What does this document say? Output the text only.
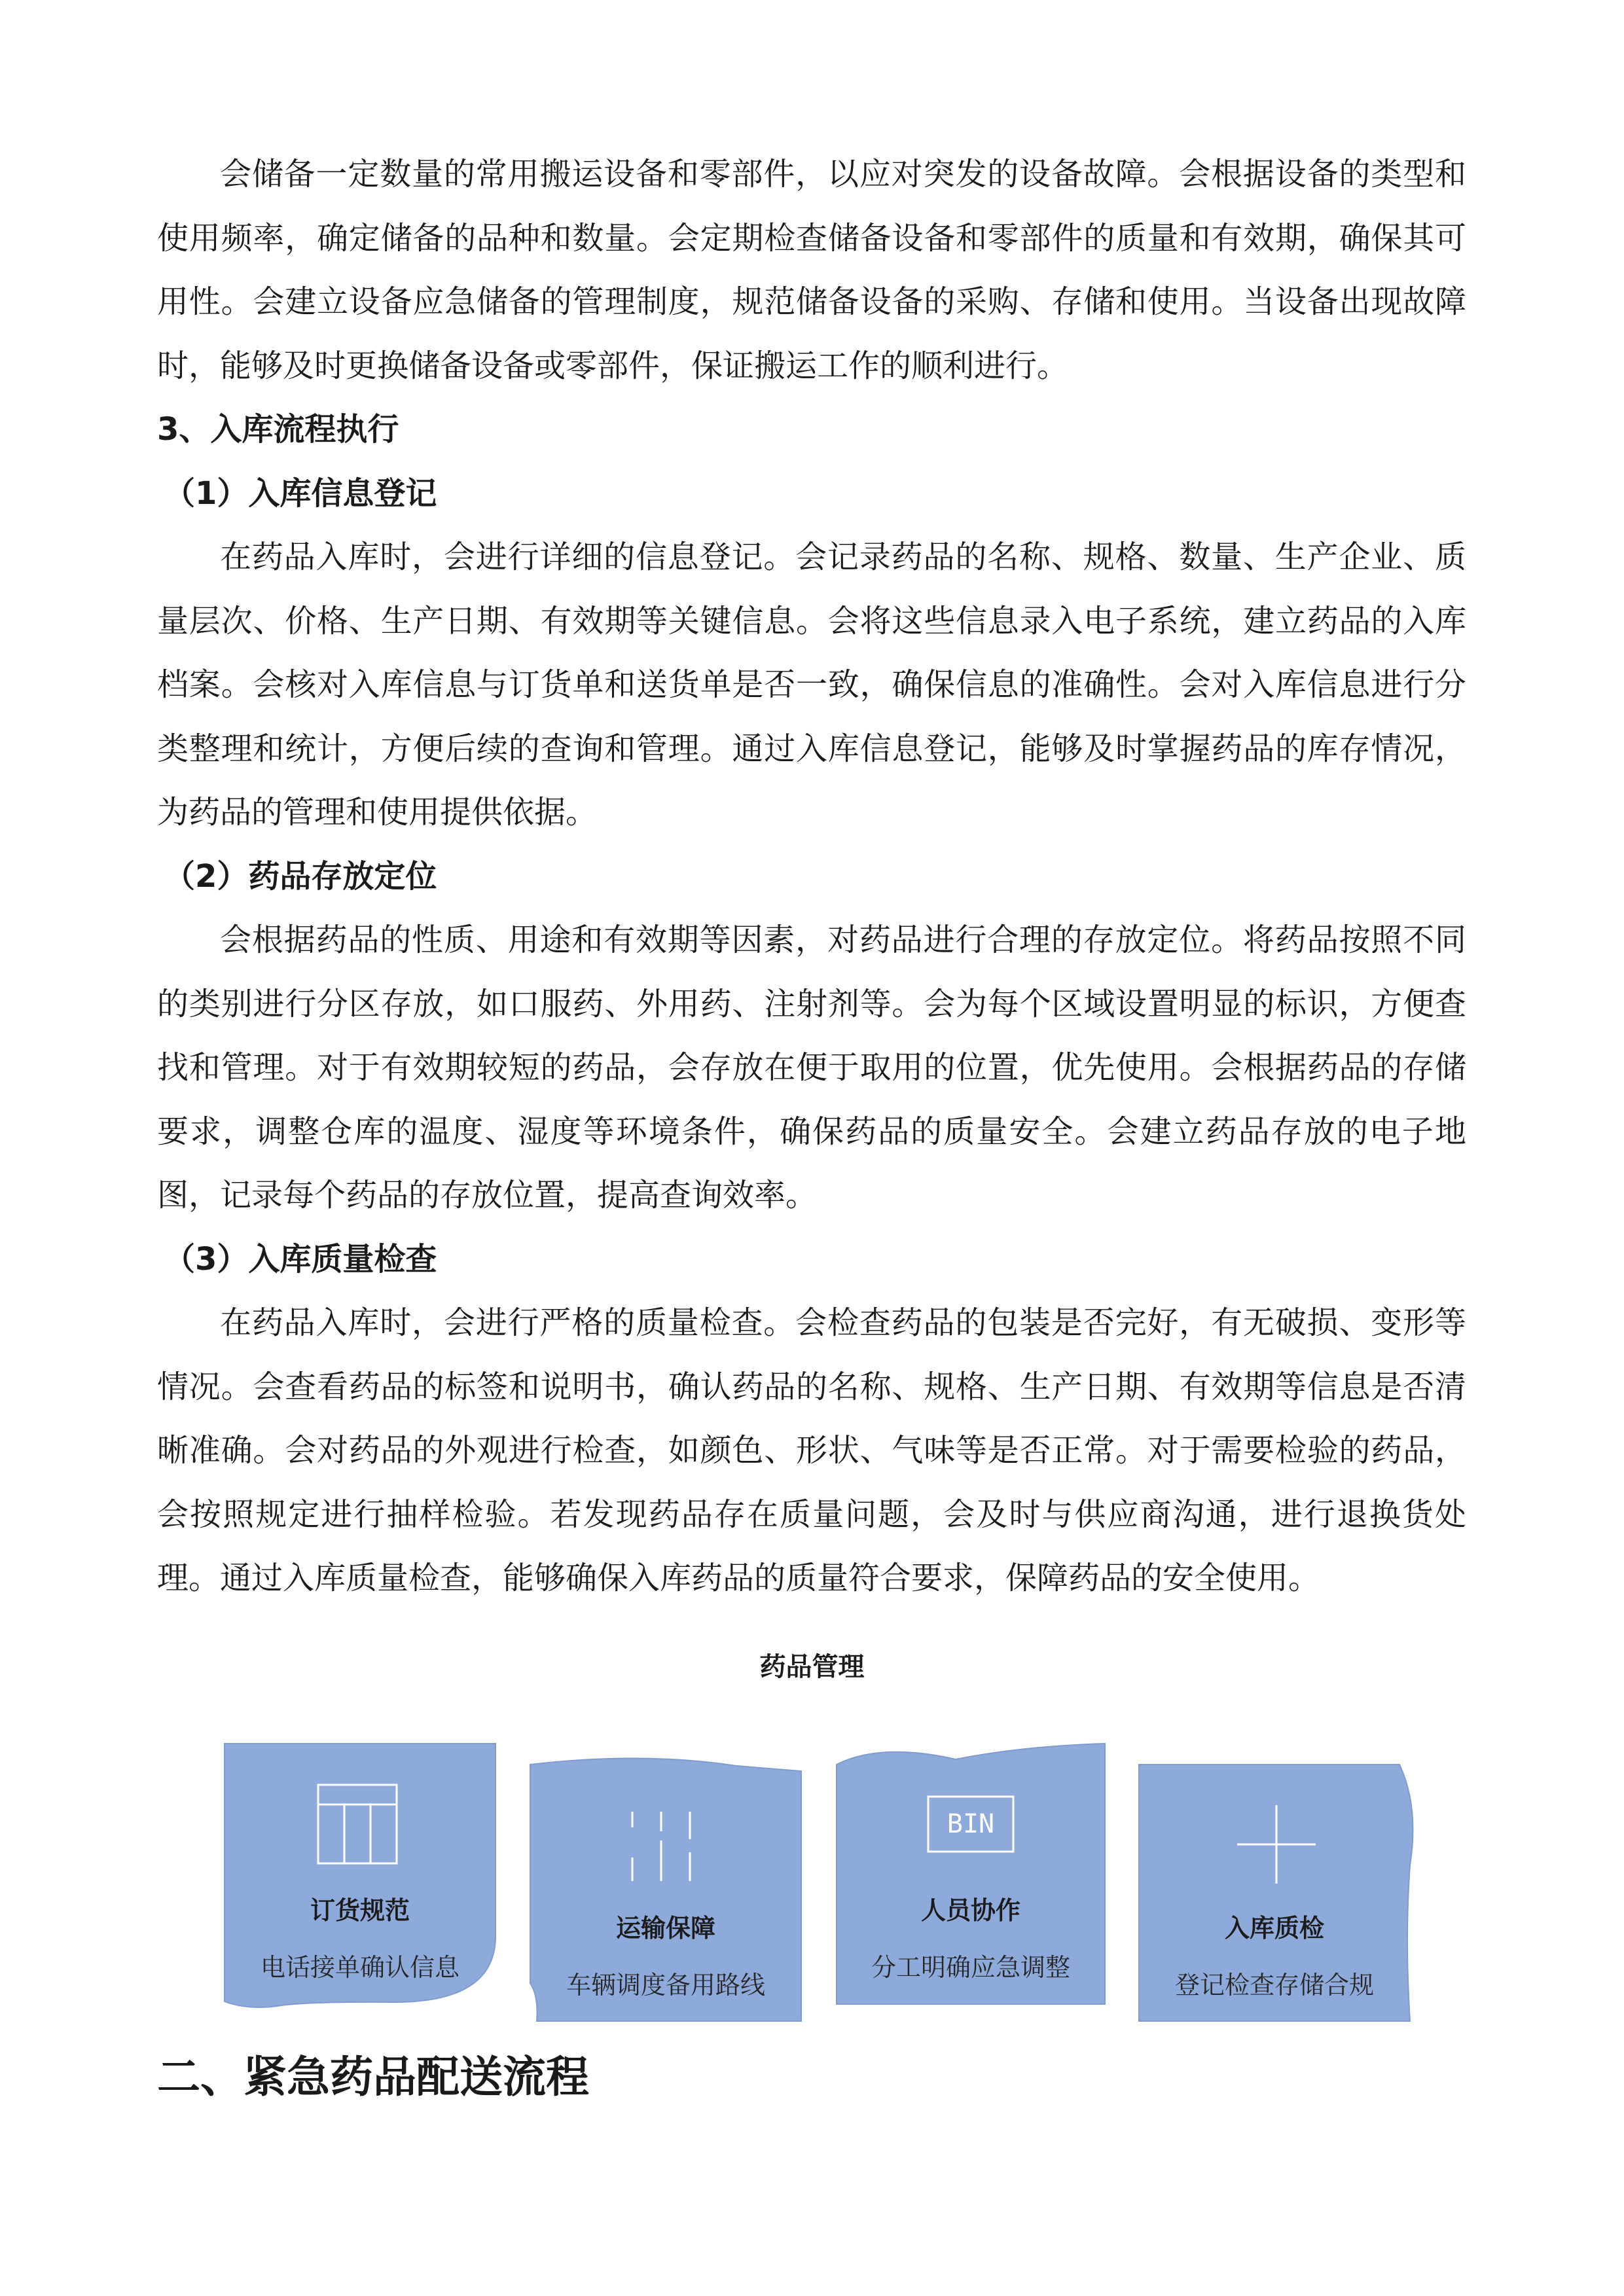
会储备一定数量的常用搬运设备和零部件，以应对突发的设备故障。会根据设备的类型和使用频率，确定储备的品种和数量。会定期检查储备设备和零部件的质量和有效期，确保其可用性。会建立设备应急储备的管理制度，规范储备设备的采购、存储和使用。当设备出现故障时，能够及时更换储备设备或零部件，保证搬运工作的顺利进行。

3、入库流程执行

（1）入库信息登记

在药品入库时，会进行详细的信息登记。会记录药品的名称、规格、数量、生产企业、质量层次、价格、生产日期、有效期等关键信息。会将这些信息录入电子系统，建立药品的入库档案。会核对入库信息与订货单和送货单是否一致，确保信息的准确性。会对入库信息进行分类整理和统计，方便后续的查询和管理。通过入库信息登记，能够及时掌握药品的库存情况，为药品的管理和使用提供依据。

（2）药品存放定位

会根据药品的性质、用途和有效期等因素，对药品进行合理的存放定位。将药品按照不同的类别进行分区存放，如口服药、外用药、注射剂等。会为每个区域设置明显的标识，方便查找和管理。对于有效期较短的药品，会存放在便于取用的位置，优先使用。会根据药品的存储要求，调整仓库的温度、湿度等环境条件，确保药品的质量安全。会建立药品存放的电子地图，记录每个药品的存放位置，提高查询效率。

（3）入库质量检查

在药品入库时，会进行严格的质量检查。会检查药品的包装是否完好，有无破损、变形等情况。会查看药品的标签和说明书，确认药品的名称、规格、生产日期、有效期等信息是否清晰准确。会对药品的外观进行检查，如颜色、形状、气味等是否正常。对于需要检验的药品，会按照规定进行抽样检验。若发现药品存在质量问题，会及时与供应商沟通，进行退换货处理。通过入库质量检查，能够确保入库药品的质量符合要求，保障药品的安全使用。

药品管理
BIN
订货规范
电话接单确认信息
运输保障
车辆调度备用路线
人员协作
分工明确应急调整
入库质检
登记检查存储合规
二、紧急药品配送流程
